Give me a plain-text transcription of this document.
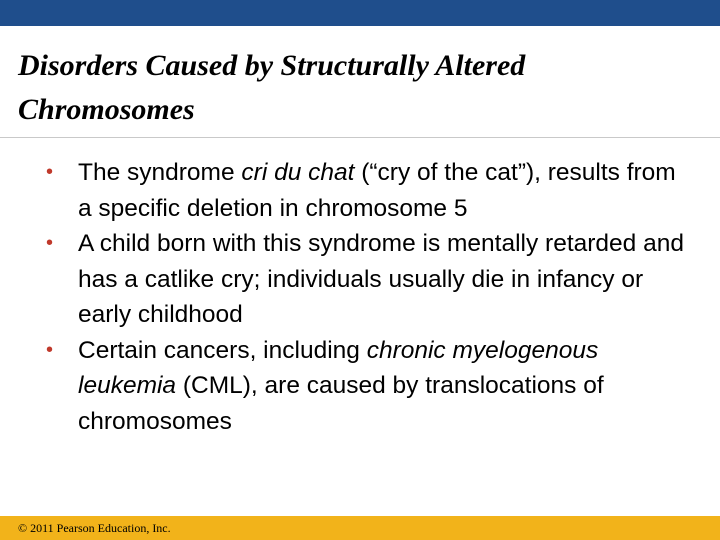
Disorders Caused by Structurally Altered Chromosomes
•	The syndrome cri du chat (“cry of the cat”), results from a specific deletion in chromosome 5
•	A child born with this syndrome is mentally retarded and has a catlike cry; individuals usually die in infancy or early childhood
•	Certain cancers, including chronic myelogenous leukemia (CML), are caused by translocations of chromosomes
© 2011 Pearson Education, Inc.
